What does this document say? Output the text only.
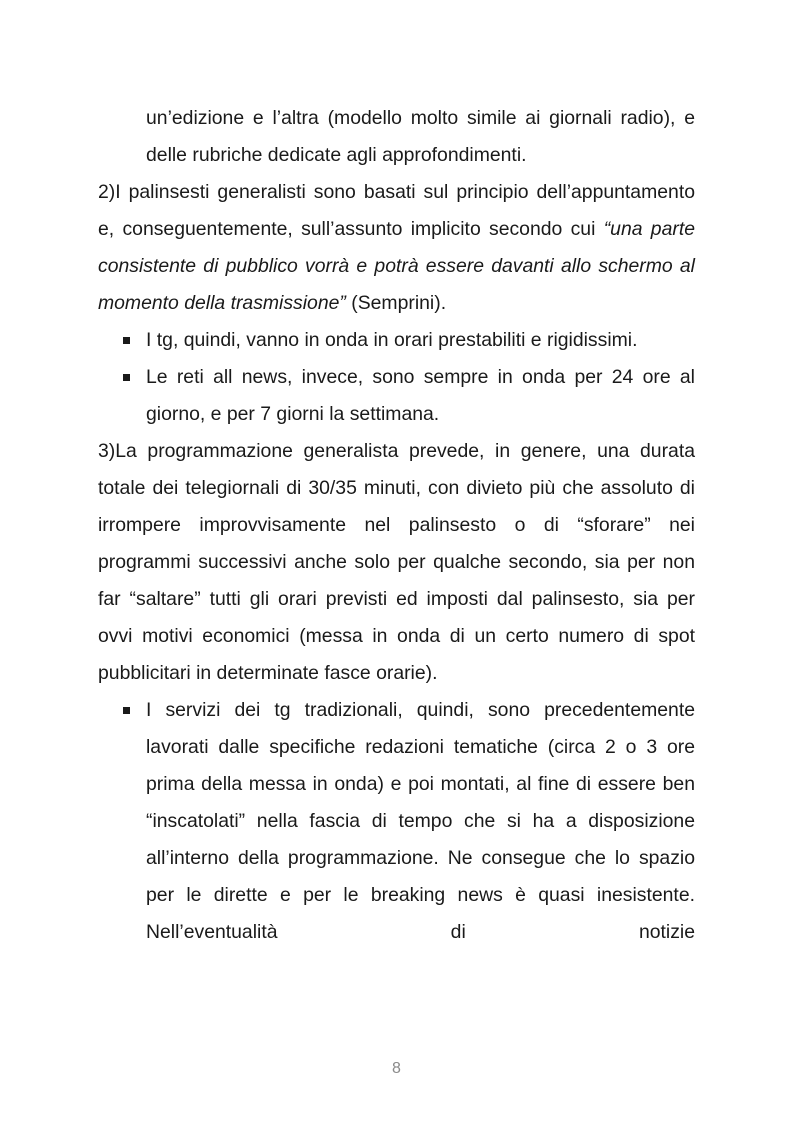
un’edizione e l’altra (modello molto simile ai giornali radio), e delle rubriche dedicate agli approfondimenti.

2)I palinsesti generalisti sono basati sul principio dell’appuntamento e, conseguentemente, sull’assunto implicito secondo cui “una parte consistente di pubblico vorrà e potrà essere davanti allo schermo al momento della trasmissione” (Semprini).

I tg, quindi, vanno in onda in orari prestabiliti e rigidissimi.
Le reti all news, invece, sono sempre in onda per 24 ore al giorno, e per 7 giorni la settimana.

3)La programmazione generalista prevede, in genere, una durata totale dei telegiornali di 30/35 minuti, con divieto più che assoluto di irrompere improvvisamente nel palinsesto o di “sforare” nei programmi successivi anche solo per qualche secondo, sia per non far “saltare” tutti gli orari previsti ed imposti dal palinsesto, sia per ovvi motivi economici (messa in onda di un certo numero di spot pubblicitari in determinate fasce orarie).

I servizi dei tg tradizionali, quindi, sono precedentemente lavorati dalle specifiche redazioni tematiche (circa 2 o 3 ore prima della messa in onda) e poi montati, al fine di essere ben “inscatolati” nella fascia di tempo che si ha a disposizione all’interno della programmazione. Ne consegue che lo spazio per le dirette e per le breaking news è quasi inesistente. Nell’eventualità di notizie
8
